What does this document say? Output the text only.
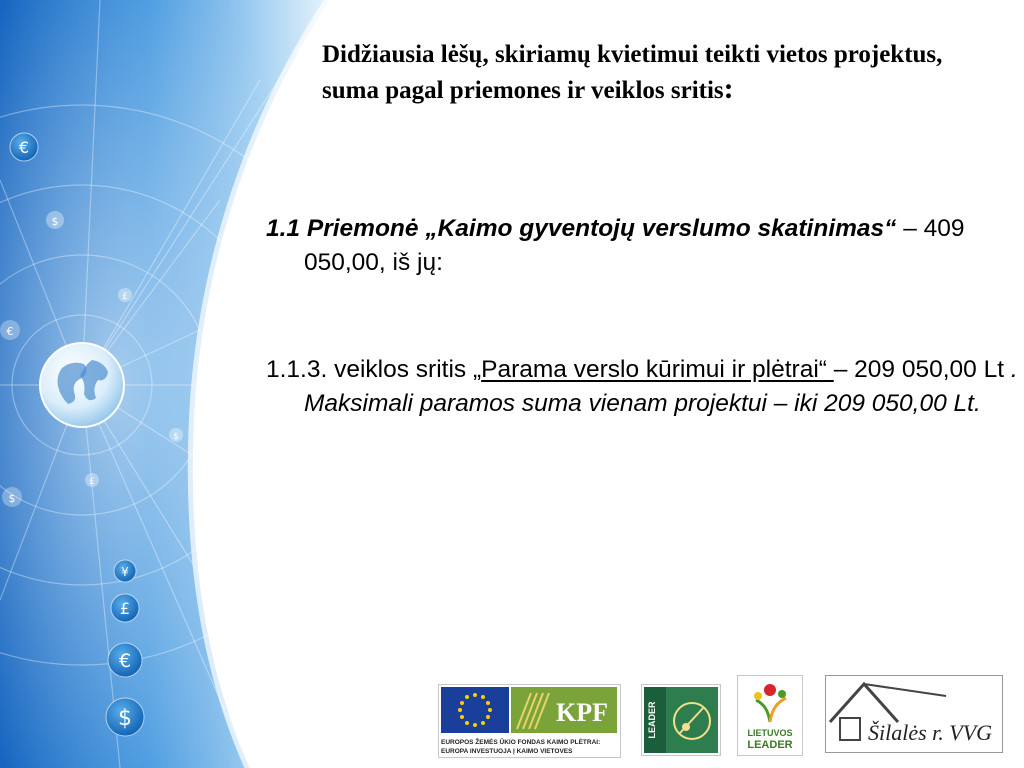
€
$
£
€
$
£
$
¥
£
€
$
Didžiausia lėšų, skiriamų kvietimui teikti vietos projektus, suma pagal priemones ir veiklos sritis:
1.1 Priemonė „Kaimo gyventojų verslumo skatinimas“ – 409 050,00, iš jų:
1.1.3. veiklos sritis „Parama verslo kūrimui ir plėtrai“ – 209 050,00 Lt . Maksimali paramos suma vienam projektui – iki 209 050,00 Lt.
KPF
EUROPOS ŽEMĖS ŪKIO FONDAS KAIMO PLĖTRAI:
EUROPA INVESTUOJA Į KAIMO VIETOVES
LEADER	LIETUVOS
LEADER	Šilalės r. VVG
